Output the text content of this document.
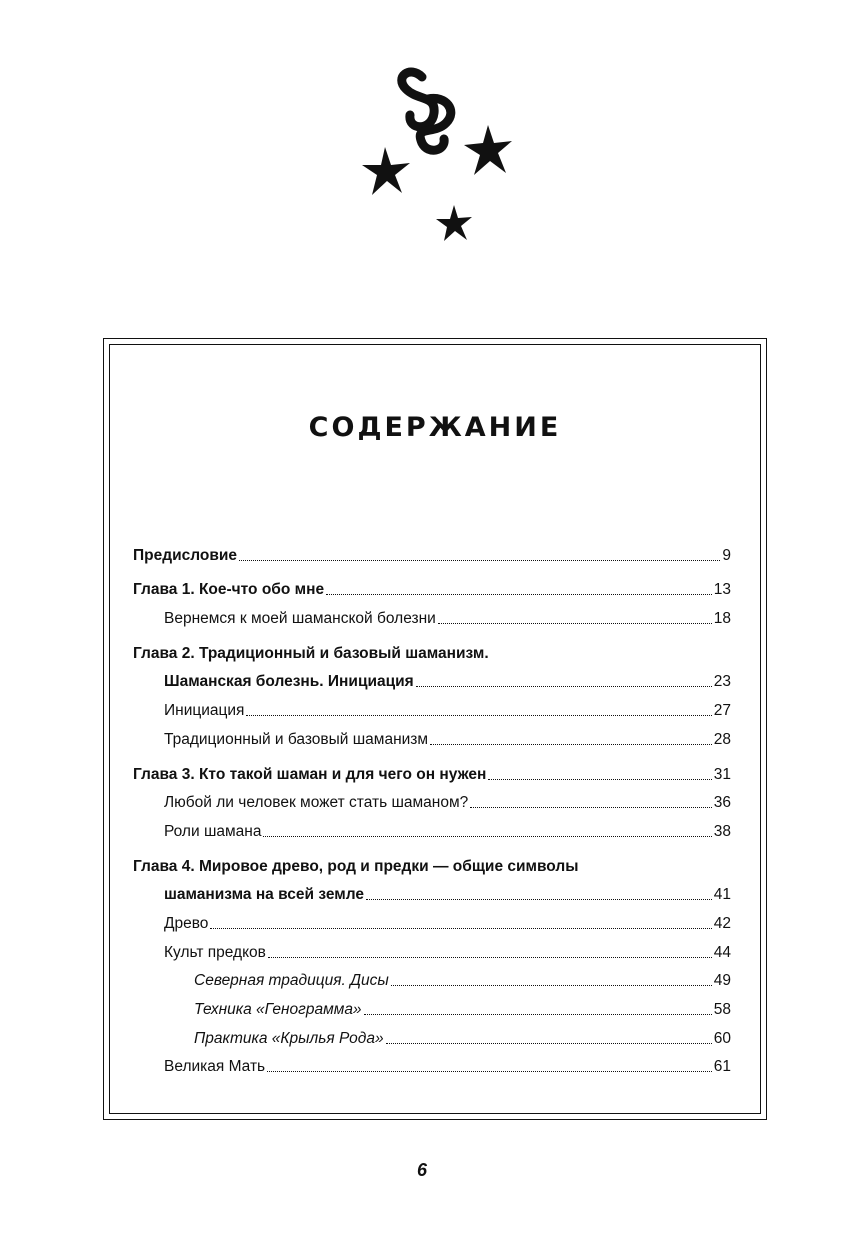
содержание
Предисловие	9
Глава 1. Кое-что обо мне	13
Вернемся к моей шаманской болезни	18
Глава 2. Традиционный и базовый шаманизм.
Шаманская болезнь. Инициация	23
Инициация	27
Традиционный и базовый шаманизм	28
Глава 3. Кто такой шаман и для чего он нужен	31
Любой ли человек может стать шаманом?	36
Роли шамана	38
Глава 4. Мировое древо, род и предки — общие символы
шаманизма на всей земле	41
Древо	42
Культ предков	44
Северная традиция. Дисы	49
Техника «Генограмма»	58
Практика «Крылья Рода»	60
Великая Мать	61
6
